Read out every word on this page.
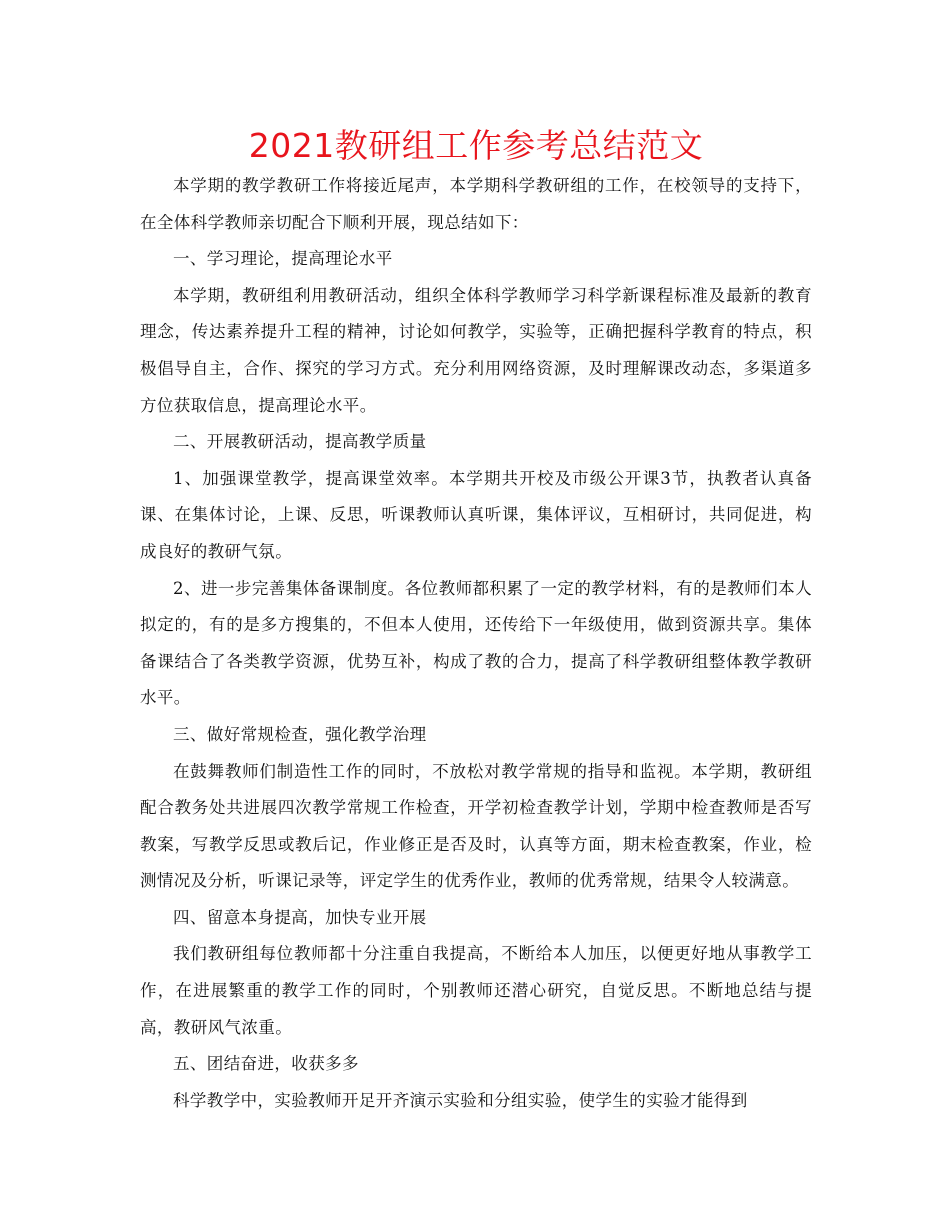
2021教研组工作参考总结范文

本学期的教学教研工作将接近尾声，本学期科学教研组的工作，在校领导的支持下，在全体科学教师亲切配合下顺利开展，现总结如下：

一、学习理论，提高理论水平

本学期，教研组利用教研活动，组织全体科学教师学习科学新课程标准及最新的教育理念，传达素养提升工程的精神，讨论如何教学，实验等，正确把握科学教育的特点，积极倡导自主，合作、探究的学习方式。充分利用网络资源，及时理解课改动态，多渠道多方位获取信息，提高理论水平。

二、开展教研活动，提高教学质量

1、加强课堂教学，提高课堂效率。本学期共开校及市级公开课3节，执教者认真备课、在集体讨论，上课、反思，听课教师认真听课，集体评议，互相研讨，共同促进，构成良好的教研气氛。

2、进一步完善集体备课制度。各位教师都积累了一定的教学材料，有的是教师们本人拟定的，有的是多方搜集的，不但本人使用，还传给下一年级使用，做到资源共享。集体备课结合了各类教学资源，优势互补，构成了教的合力，提高了科学教研组整体教学教研水平。

三、做好常规检查，强化教学治理

在鼓舞教师们制造性工作的同时，不放松对教学常规的指导和监视。本学期，教研组配合教务处共进展四次教学常规工作检查，开学初检查教学计划，学期中检查教师是否写教案，写教学反思或教后记，作业修正是否及时，认真等方面，期末检查教案，作业，检测情况及分析，听课记录等，评定学生的优秀作业，教师的优秀常规，结果令人较满意。

四、留意本身提高，加快专业开展

我们教研组每位教师都十分注重自我提高，不断给本人加压，以便更好地从事教学工作，在进展繁重的教学工作的同时，个别教师还潜心研究，自觉反思。不断地总结与提高，教研风气浓重。

五、团结奋进，收获多多

科学教学中，实验教师开足开齐演示实验和分组实验，使学生的实验才能得到
